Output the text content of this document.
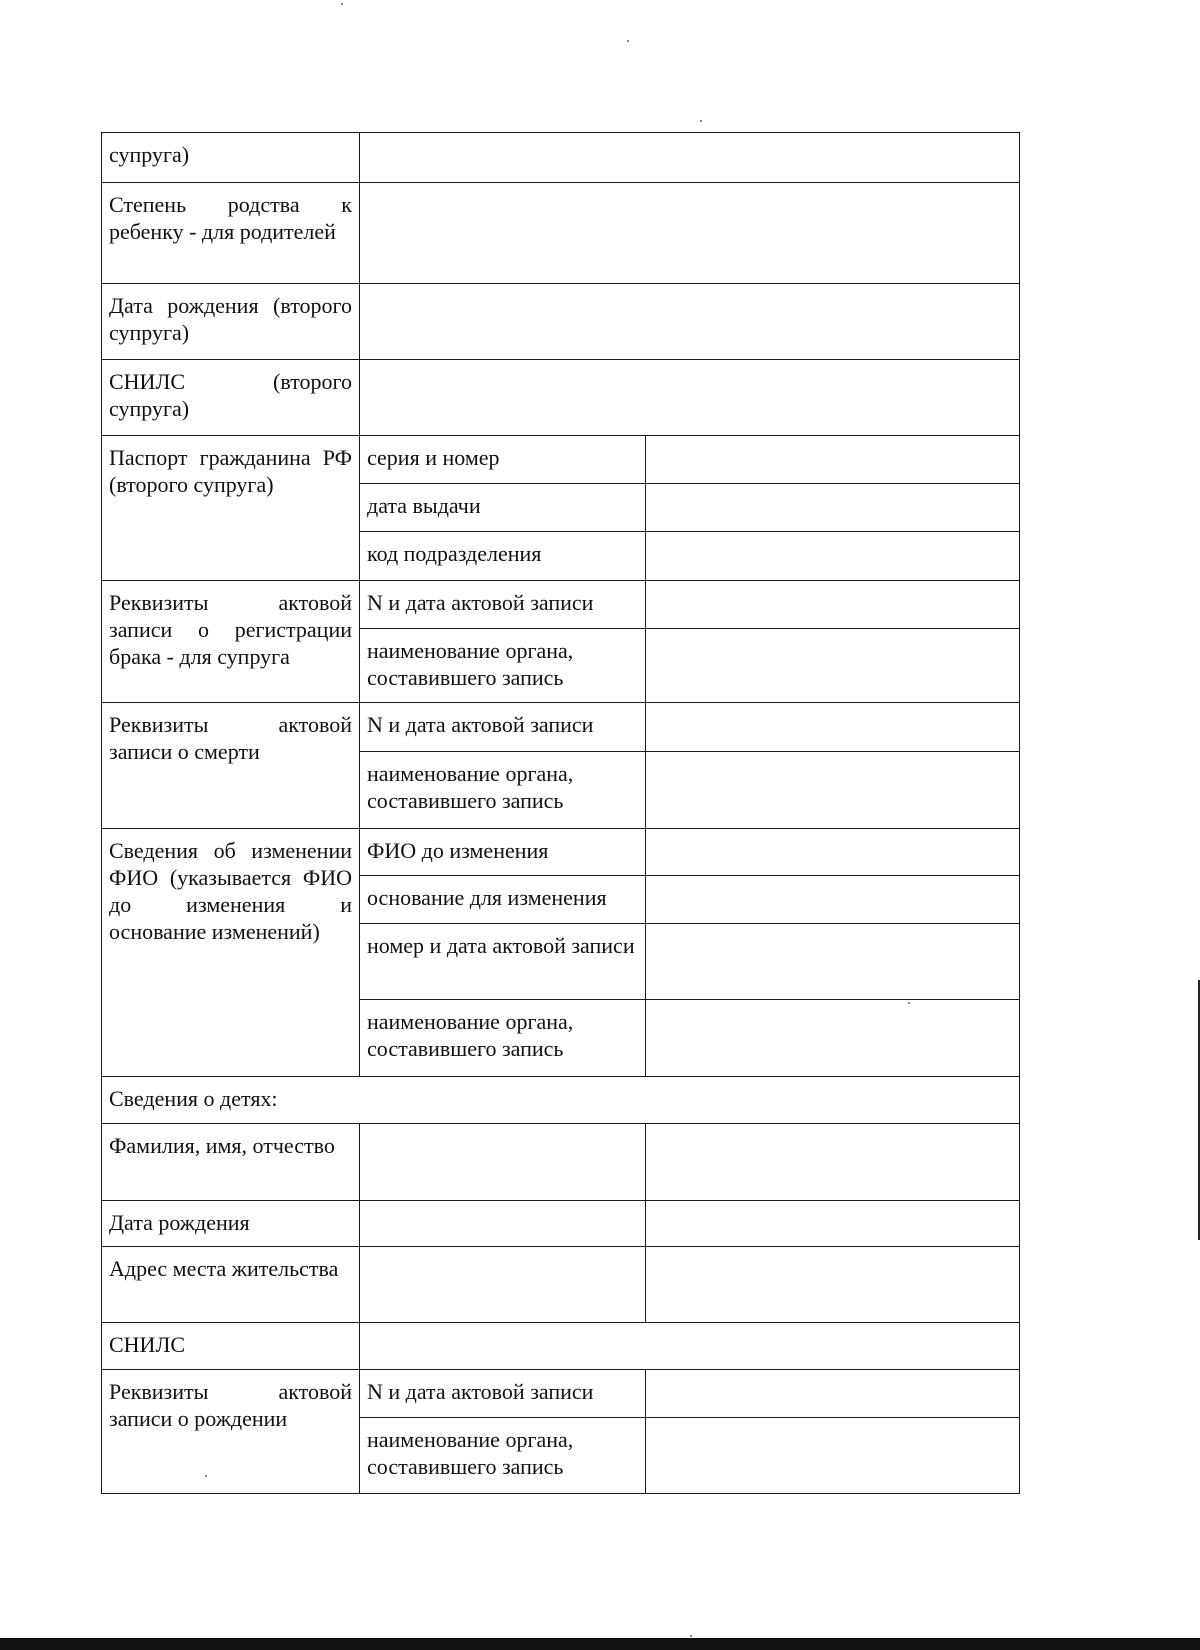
супруга)		
Степень родства к ребенку - для родителей		
Дата рождения (второго супруга)		
СНИЛС (второго супруга)		
Паспорт гражданина РФ (второго супруга)	серия и номер	
	дата выдачи	
	код подразделения	
Реквизиты актовой записи о регистрации брака - для супруга	N и дата актовой записи	
	наименование органа, составившего запись	
Реквизиты актовой записи о смерти	N и дата актовой записи	
	наименование органа, составившего запись	
Сведения об изменении ФИО (указывается ФИО до изменения и основание изменений)	ФИО до изменения	
	основание для изменения	
	номер и дата актовой записи	
	наименование органа, составившего запись	
Сведения о детях:		
Фамилия, имя, отчество		
Дата рождения		
Адрес места жительства		
СНИЛС		
Реквизиты актовой записи о рождении	N и дата актовой записи	
	наименование органа, составившего запись	
